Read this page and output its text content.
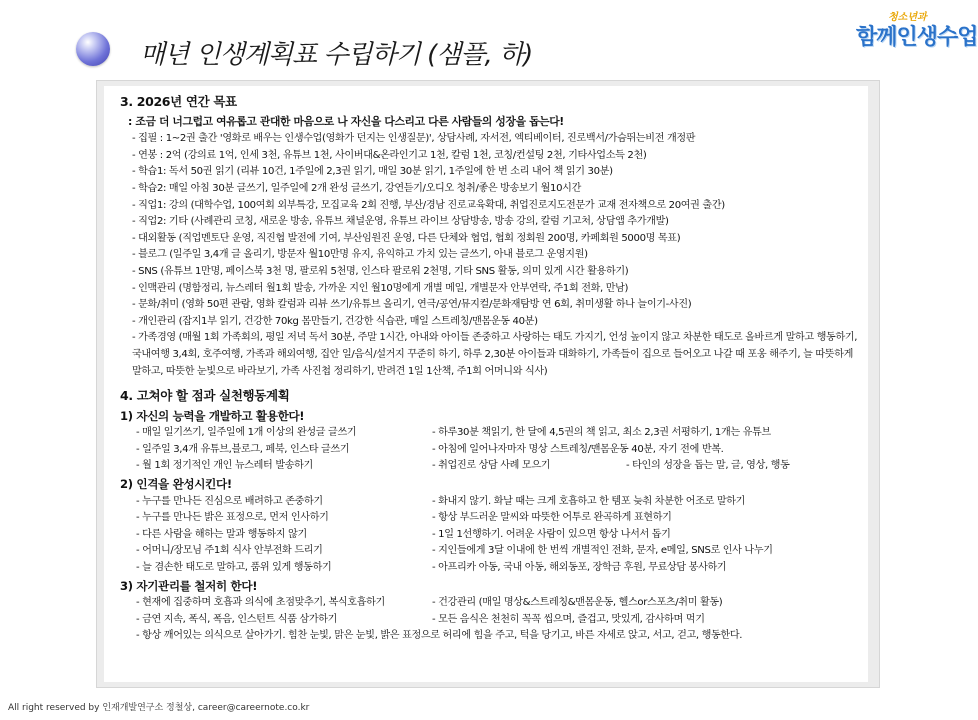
매년 인생계획표 수립하기 (샘플, 하)
청소년과
함께인생수업
3. 2026년 연간 목표
: 조금 더 너그럽고 여유롭고 관대한 마음으로 나 자신을 다스리고 다른 사람들의 성장을 돕는다!
- 집필 : 1~2권 출간 '영화로 배우는 인생수업(영화가 던지는 인생질문)', 상담사례, 자서전, 엑티베이터, 진로백서/가슴뛰는비전 개정판
- 연봉 : 2억 (강의료 1억, 인세 3천, 유튜브 1천, 사이버대&온라인기고 1천, 칼럼 1천, 코칭/컨설팅 2천, 기타사업소득 2천)
- 학습1: 독서 50권 읽기 (리뷰 10건, 1주일에 2,3권 읽기, 매일 30분 읽기, 1주일에 한 번 소리 내어 책 읽기 30분)
- 학습2: 매일 아침 30분 글쓰기, 일주일에 2개 완성 글쓰기, 강연듣기/오디오 청취/좋은 방송보기 월10시간
- 직업1: 강의 (대학수업, 100여회 외부특강, 모집교육 2회 진행, 부산/경남 진로교육확대, 취업진로지도전문가 교재 전자책으로 20여권 출간)
- 직업2: 기타 (사례관리 코칭, 새로운 방송, 유튜브 채널운영, 유튜브 라이브 상담방송, 방송 강의, 칼럼 기고처, 상담앱 추가개발)
- 대외활동 (직업멘토단 운영, 직진협 발전에 기여, 부산임원진 운영, 다른 단체와 협업, 협회 정회원 200명, 카페회원 5000명 목표)
- 블로그 (일주일 3,4개 글 올리기, 방문자 월10만명 유지, 유익하고 가치 있는 글쓰기, 아내 블로그 운영지원)
- SNS (유튜브 1만명, 페이스북 3천 명, 팔로워 5천명, 인스타 팔로워 2천명, 기타 SNS 활동, 의미 있게 시간 활용하기)
- 인맥관리 (명함정리, 뉴스레터 월1회 발송, 가까운 지인 월10명에게 개별 메일, 개별문자 안부연락, 주1회 전화, 만남)
- 문화/취미 (영화 50편 관람, 영화 칼럼과 리뷰 쓰기/유튜브 올리기, 연극/공연/뮤지컬/문화재탐방 연 6회, 취미생활 하나 늘이기-사진)
- 개인관리 (잡지1부 읽기, 건강한 70kg 몸만들기, 건강한 식습관, 매일 스트레칭/맨몸운동 40분)
- 가족경영 (매월 1회 가족회의, 평일 저녁 독서 30분, 주말 1시간, 아내와 아이들 존중하고 사랑하는 태도 가지기, 언성 높이지 않고 차분한 태도로 올바르게 말하고 행동하기, 국내여행 3,4회, 호주여행, 가족과 해외여행, 집안 일/음식/설거지 꾸준히 하기, 하루 2,30분 아이들과 대화하기, 가족들이 집으로 들어오고 나갈 때 포옹 해주기, 늘 따뜻하게 말하고, 따뜻한 눈빛으로 바라보기, 가족 사진첩 정리하기, 반려견 1일 1산책, 주1회 어머니와 식사)
4. 고쳐야 할 점과 실천행동계획
1) 자신의 능력을 개발하고 활용한다!
- 매일 일기쓰기, 일주일에 1개 이상의 완성글 글쓰기	- 하루30분 책읽기, 한 달에 4,5권의 책 읽고, 최소 2,3권 서평하기, 1개는 유튜브
- 일주일 3,4개 유튜브,블로그, 페북, 인스타 글쓰기	- 아침에 일어나자마자 명상 스트레칭/맨몸운동 40분, 자기 전에 반복.
- 월 1회 정기적인 개인 뉴스레터 발송하기	- 취업진로 상담 사례 모으기	- 타인의 성장을 돕는 말, 글, 영상, 행동
2) 인격을 완성시킨다!
- 누구를 만나든 진심으로 배려하고 존중하기	- 화내지 않기. 화날 때는 크게 호흡하고 한 템포 늦춰 차분한 어조로 말하기
- 누구를 만나든 밝은 표정으로, 먼저 인사하기	- 항상 부드러운 말씨와 따뜻한 어투로 완곡하게 표현하기
- 다른 사람을 해하는 말과 행동하지 않기	- 1일 1선행하기. 어려운 사람이 있으면 항상 나서서 돕기
- 어머니/장모님 주1회 식사 안부전화 드리기	- 지인들에게 3달 이내에 한 번씩 개별적인 전화, 문자, e메일, SNS로 인사 나누기
- 늘 겸손한 태도로 말하고, 품위 있게 행동하기	- 아프리카 아동, 국내 아동, 해외동포, 장학금 후원, 무료상담 봉사하기
3) 자기관리를 철저히 한다!
- 현재에 집중하며 호흡과 의식에 초점맞추기, 복식호흡하기	- 건강관리 (매일 명상&스트레칭&맨몸운동, 헬스or스포츠/취미 활동)
- 금연 지속, 폭식, 폭음, 인스턴트 식품 삼가하기	- 모든 음식은 천천히 꼭꼭 씹으며, 즐겁고, 맛있게, 감사하며 먹기
- 항상 깨어있는 의식으로 살아가기. 힘찬 눈빛, 맑은 눈빛, 밝은 표정으로 허리에 힘을 주고, 턱을 당기고, 바른 자세로 앉고, 서고, 걷고, 행동한다.
All right reserved by 인재개발연구소 정철상, career@careernote.co.kr
